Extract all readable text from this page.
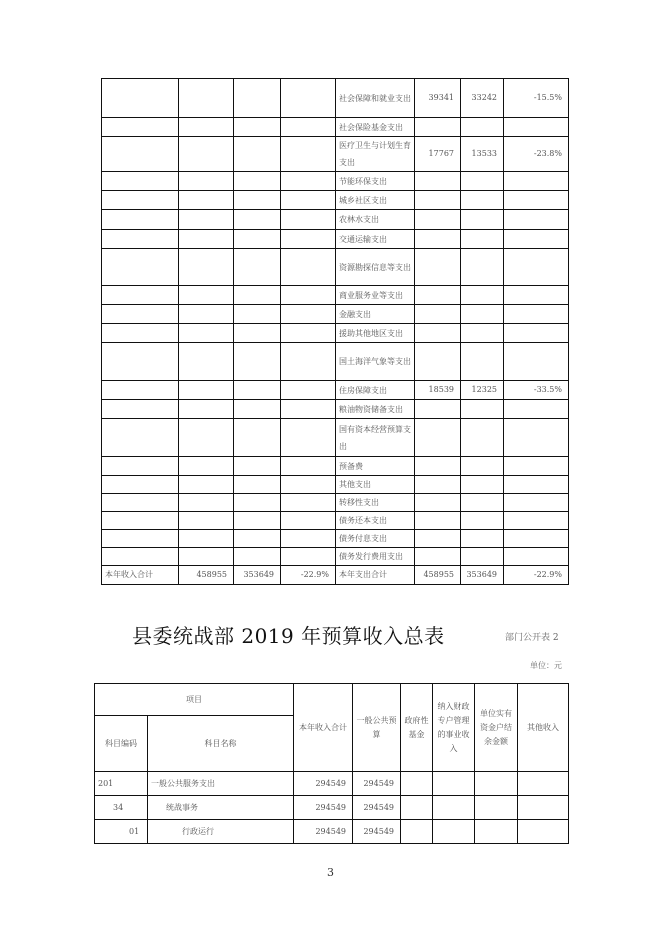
				社会保障和就业支出	39341	33242	-15.5%
				社会保险基金支出			
				医疗卫生与计划生育支出	17767	13533	-23.8%
				节能环保支出			
				城乡社区支出			
				农林水支出			
				交通运输支出			
				资源勘探信息等支出			
				商业服务业等支出			
				金融支出			
				援助其他地区支出			
				国土海洋气象等支出			
				住房保障支出	18539	12325	-33.5%
				粮油物资储备支出			
				国有资本经营预算支出			
				预备费			
				其他支出			
				转移性支出			
				债务还本支出			
				债务付息支出			
				债务发行费用支出			
本年收入合计	458955	353649	-22.9%	本年支出合计	458955	353649	-22.9%
县委统战部 2019 年预算收入总表	部门公开表 2
单位：元
项目		本年收入合计	一般公共预算	政府性基金	纳入财政专户管理的事业收入	单位实有资金户结余金额	其他收入
科目编码	科目名称						
201	一般公共服务支出	294549	294549				
34	统战事务	294549	294549				
01	行政运行	294549	294549				
3
